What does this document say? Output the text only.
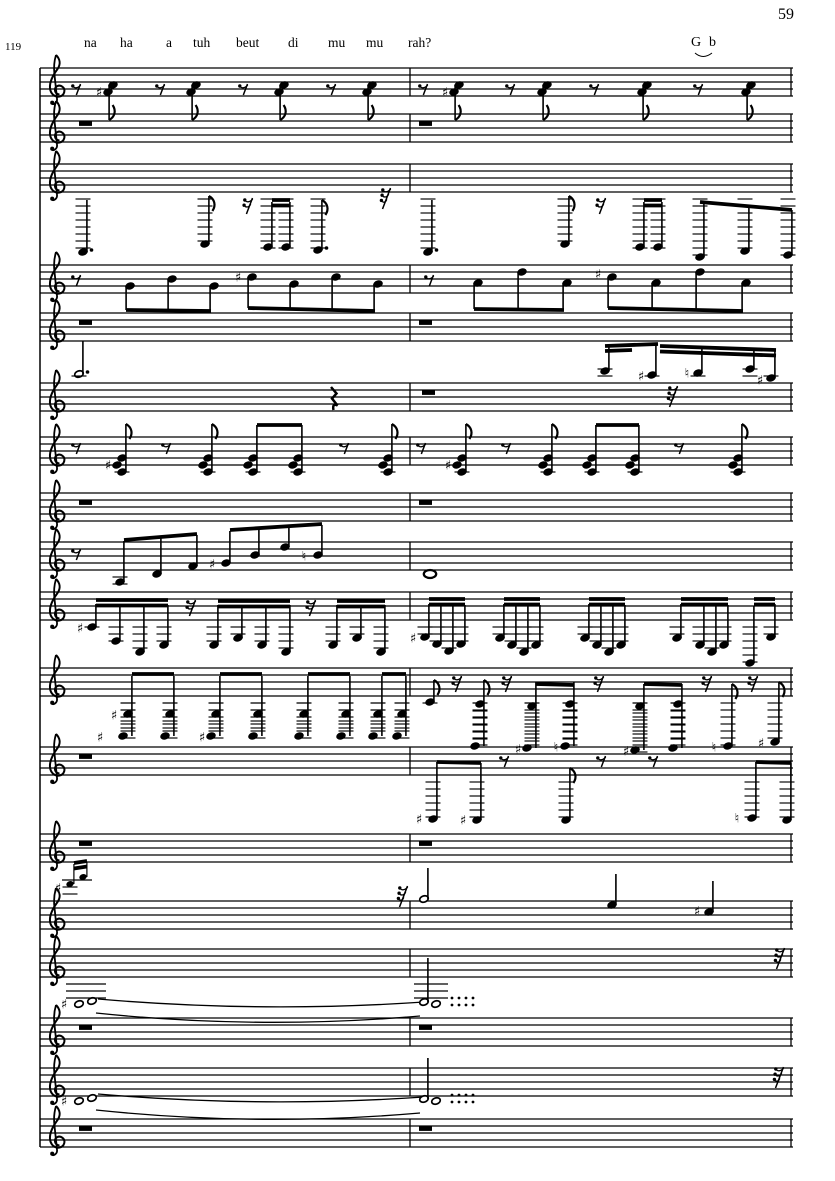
59
119	na ha a tuh beut di mu mu rah?	G b
♯	♯
♯	♯
♯	♮	♯
♯	♯
♯
♮
♯
♯
♯
♯	♯
♯	♮	♯	♮	♯
♯	♯	♮
♯
♯
♯
♯
